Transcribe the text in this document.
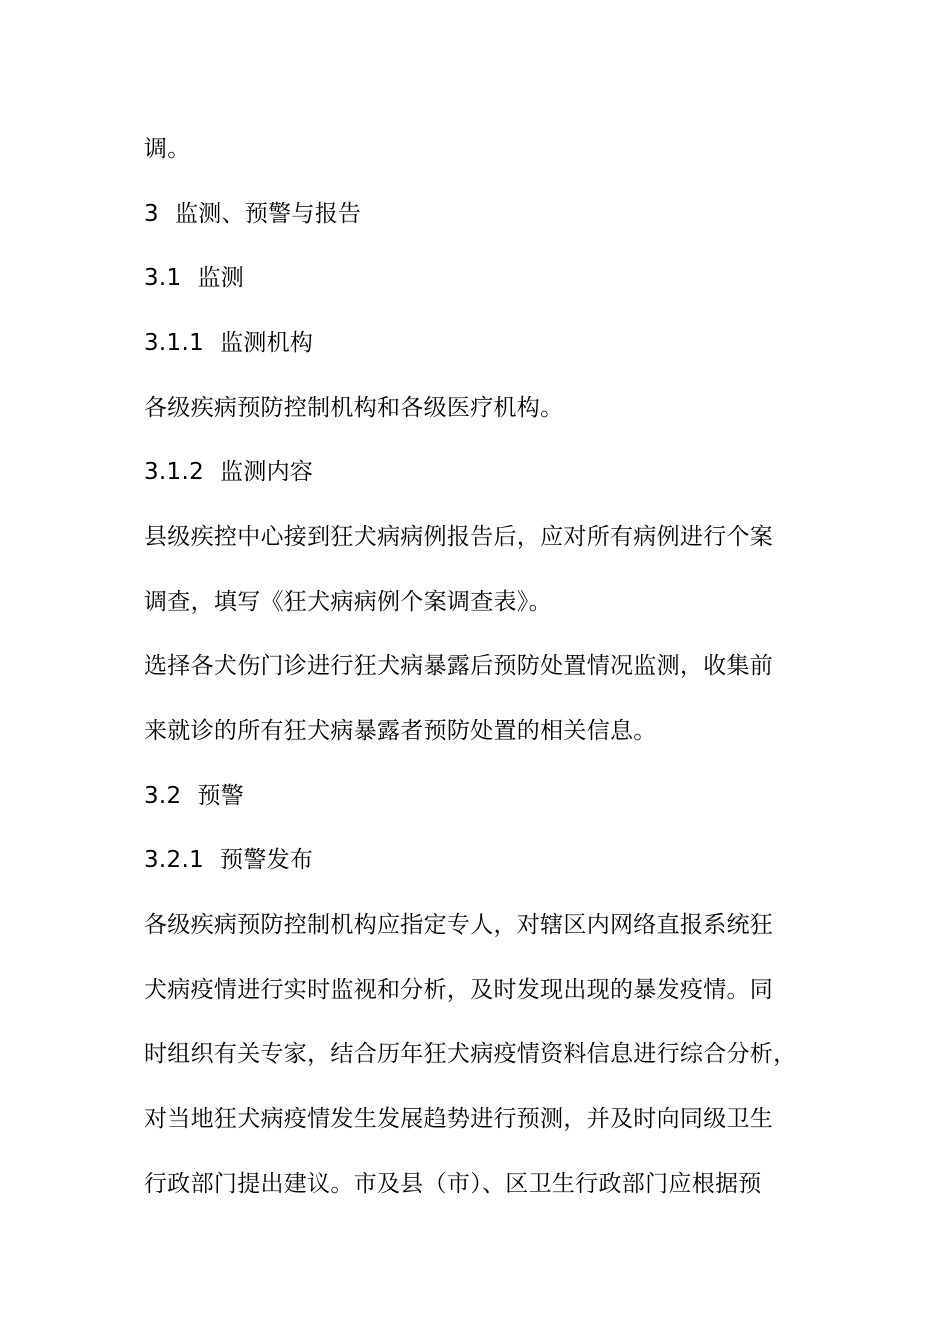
调。
3 监测、预警与报告
3.1 监测
3.1.1 监测机构
各级疾病预防控制机构和各级医疗机构。
3.1.2 监测内容
县级疾控中心接到狂犬病病例报告后，应对所有病例进行个案
调查，填写《狂犬病病例个案调查表》。
选择各犬伤门诊进行狂犬病暴露后预防处置情况监测，收集前
来就诊的所有狂犬病暴露者预防处置的相关信息。
3.2 预警
3.2.1 预警发布
各级疾病预防控制机构应指定专人，对辖区内网络直报系统狂
犬病疫情进行实时监视和分析，及时发现出现的暴发疫情。同
时组织有关专家，结合历年狂犬病疫情资料信息进行综合分析，
对当地狂犬病疫情发生发展趋势进行预测，并及时向同级卫生
行政部门提出建议。市及县（市）、区卫生行政部门应根据预
